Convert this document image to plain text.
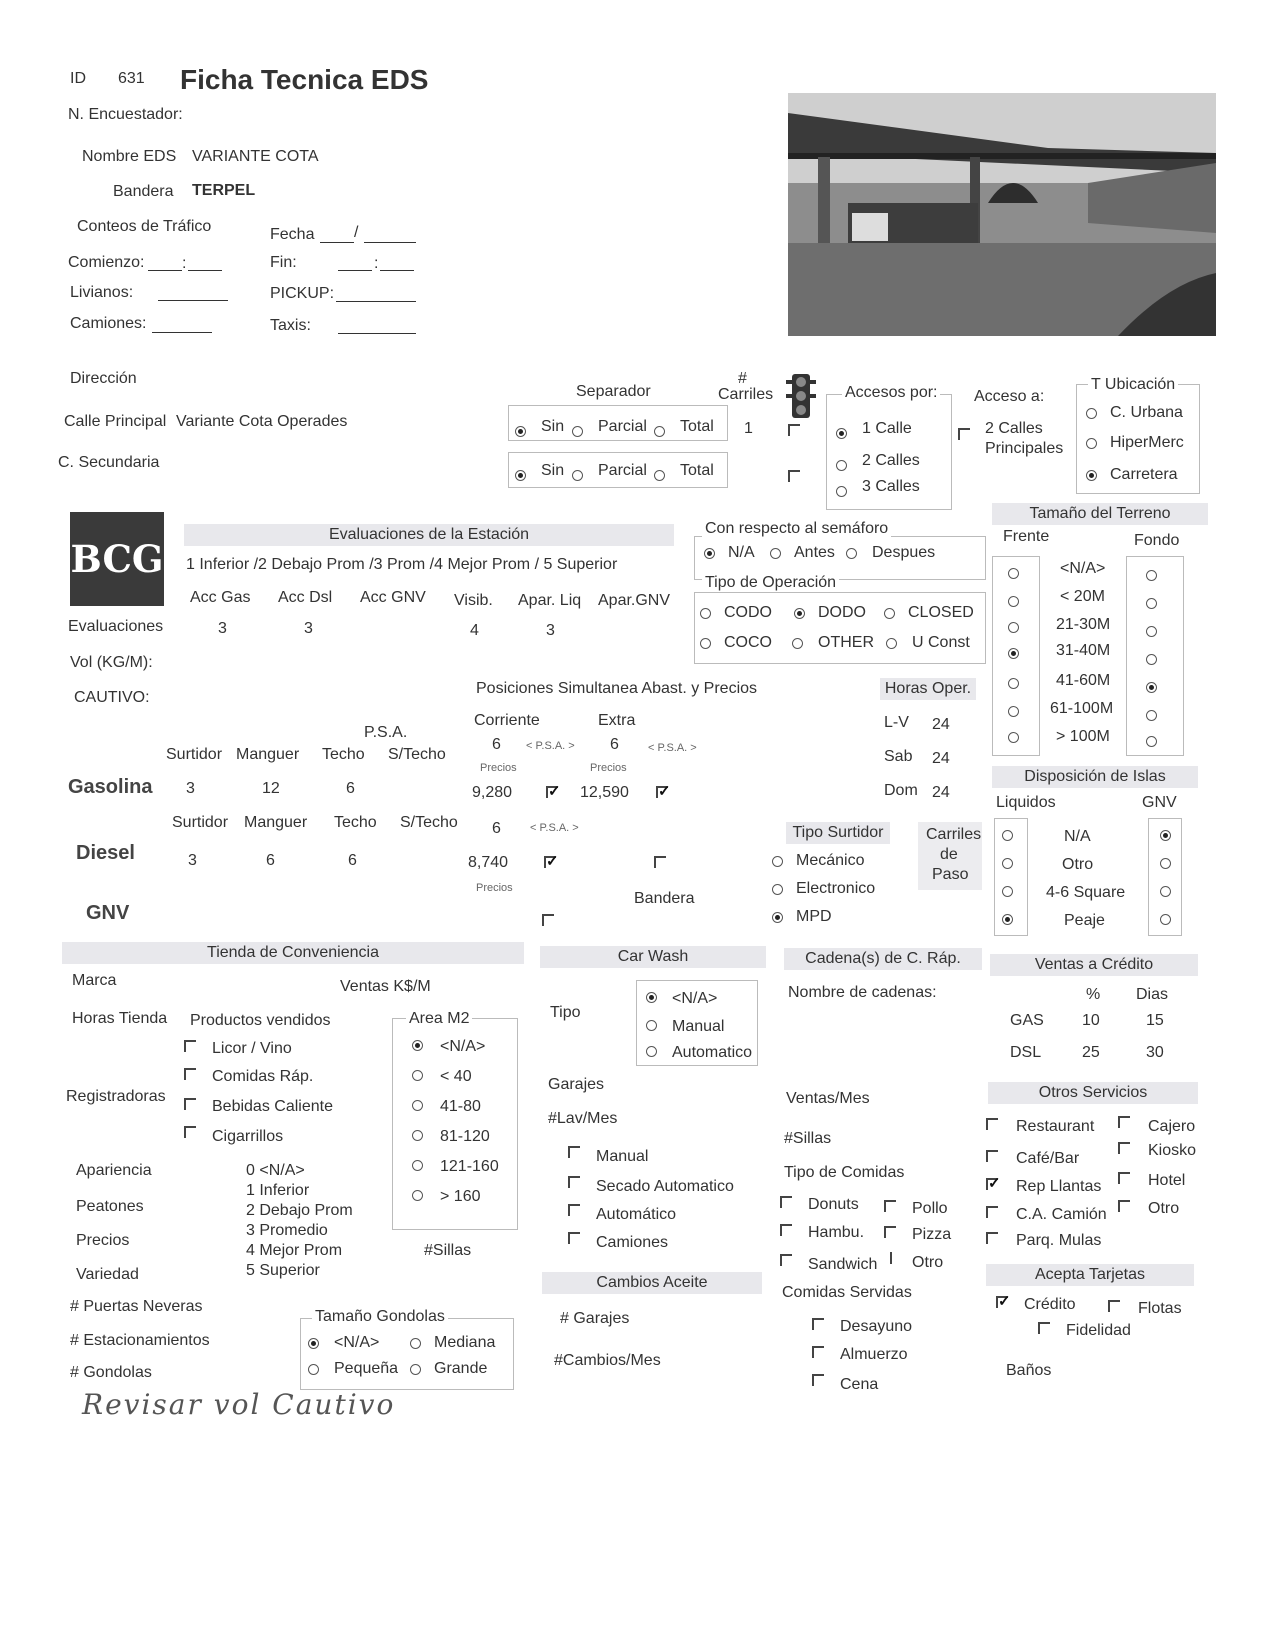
ID 631 Ficha Tecnica EDS
N. Encuestador:
Nombre EDS VARIANTE COTA
Bandera TERPEL
Conteos de Tráfico	Fecha /
Comienzo: :	Fin:	:
Livianos:	PICKUP:
Camiones:	Taxis:
Dirección
Calle Principal Variante Cota Operades
C. Secundaria
Separador
Sin Parcial Total
Sin Parcial Total
#
Carriles
1
Accesos por:
1 Calle
2 Calles
3 Calles
Acceso a:
2 Calles
Principales
T Ubicación
C. Urbana
HiperMerc
Carretera
BCG
Evaluaciones de la Estación
1 Inferior /2 Debajo Prom /3 Prom /4 Mejor Prom / 5 Superior
Acc Gas Acc Dsl Acc GNV Visib. Apar. Liq Apar.GNV
Evaluaciones	3	3	4	3
Vol (KG/M):
CAUTIVO:
Con respecto al semáforo
N/A Antes Despues
Tipo de Operación
CODO	DODO	CLOSED
COCO	OTHER U Const
Tamaño del Terreno
Frente	Fondo
<N/A>
< 20M
21-30M
31-40M
41-60M
61-100M
> 100M
Posiciones Simultanea Abast. y Precios
Corriente	Extra
P.S.A.
Surtidor Manguer Techo S/Techo
6 < P.S.A. > 6	< P.S.A. >
Precios	Precios
Gasolina 3	12	6	9,280
✓	12,590
✓
Surtidor Manguer Techo S/Techo 6	< P.S.A. >
Diesel	3	6	6	8,740
✓
Precios
Bandera
GNV
Horas Oper.
L-V 24
Sab 24
Dom 24
Disposición de Islas
Liquidos	GNV
N/A
Otro
4-6 Square
Peaje
Tipo Surtidor
Mecánico
Electronico
MPD
Carriles
de
Paso
Tienda de Conveniencia
Marca	Ventas K$/M
Horas Tienda Productos vendidos
Licor / Vino
Comidas Ráp.
Bebidas Caliente
Cigarrillos
Registradoras
Area M2
<N/A>
< 40
41-80
81-120
121-160
> 160
#Sillas
Apariencia
Peatones
Precios
Variedad
# Puertas Neveras
# Estacionamientos
# Gondolas
0 <N/A>
1 Inferior
2 Debajo Prom
3 Promedio
4 Mejor Prom
5 Superior
Tamaño Gondolas
<N/A>	Mediana
Pequeña Grande
Revisar vol Cautivo
Car Wash
Tipo
<N/A>
Manual
Automatico
Garajes
#Lav/Mes
Manual
Secado Automatico
Automático
Camiones
Cambios Aceite
# Garajes
#Cambios/Mes
Cadena(s) de C. Ráp.
Nombre de cadenas:
Ventas/Mes
#Sillas
Tipo de Comidas
Donuts	Pollo
Hambu.	Pizza
Sandwich Otro
Comidas Servidas
Desayuno
Almuerzo
Cena
Ventas a Crédito
% Dias
GAS 10	15
DSL	25	30
Otros Servicios
Restaurant	Cajero
Café/Bar	Kiosko
✓
Rep Llantas	Hotel
C.A. Camión	Otro
Parq. Mulas
Acepta Tarjetas
✓
Crédito	Flotas
Fidelidad
Baños
